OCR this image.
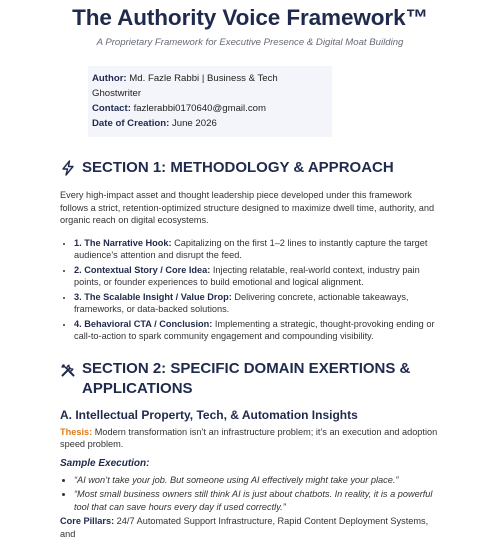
The Authority Voice Framework™
A Proprietary Framework for Executive Presence & Digital Moat Building
Author: Md. Fazle Rabbi | Business & Tech Ghostwriter
Contact: fazlerabbi0170640@gmail.com
Date of Creation: June 2026
SECTION 1: METHODOLOGY & APPROACH

Every high-impact asset and thought leadership piece developed under this framework follows a strict, retention-optimized structure designed to maximize dwell time, authority, and organic reach on digital ecosystems.

• 1. The Narrative Hook: Capitalizing on the first 1–2 lines to instantly capture the target audience’s attention and disrupt the feed.
• 2. Contextual Story / Core Idea: Injecting relatable, real-world context, industry pain points, or founder experiences to build emotional and logical alignment.
• 3. The Scalable Insight / Value Drop: Delivering concrete, actionable takeaways, frameworks, or data-backed solutions.
• 4. Behavioral CTA / Conclusion: Implementing a strategic, thought-provoking ending or call-to-action to spark community engagement and compounding visibility.
SECTION 2: SPECIFIC DOMAIN EXERTIONS & APPLICATIONS
A. Intellectual Property, Tech, & Automation Insights

Thesis: Modern transformation isn’t an infrastructure problem; it’s an execution and adoption speed problem.

Sample Execution:
• “AI won’t take your job. But someone using AI effectively might take your place.”
• “Most small business owners still think AI is just about chatbots. In reality, it is a powerful tool that can save hours every day if used correctly.”

Core Pillars: 24/7 Automated Support Infrastructure, Rapid Content Deployment Systems, and
